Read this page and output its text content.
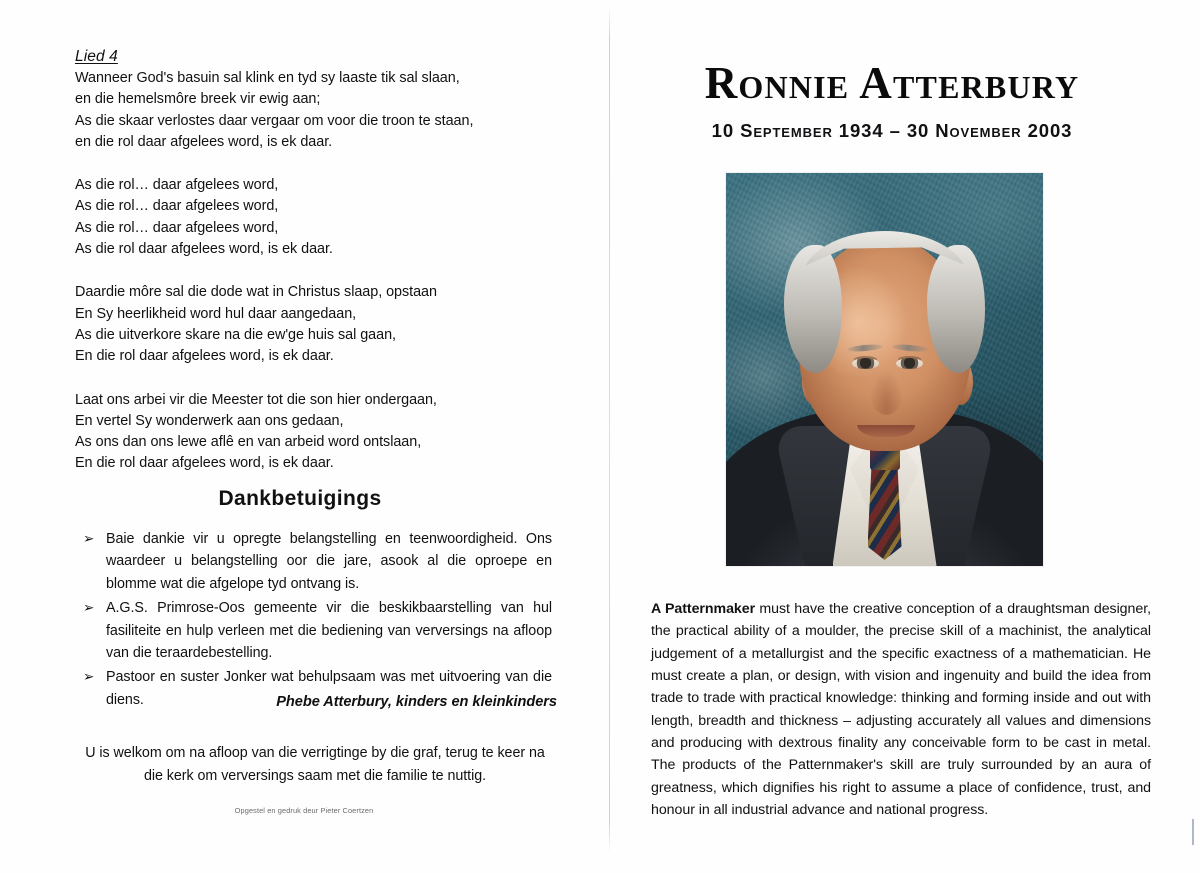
Lied 4
Wanneer God's basuin sal klink en tyd sy laaste tik sal slaan,
en die hemelsmôre breek vir ewig aan;
As die skaar verlostes daar vergaar om voor die troon te staan,
en die rol daar afgelees word, is ek daar.
As die rol… daar afgelees word,
As die rol… daar afgelees word,
As die rol… daar afgelees word,
As die rol daar afgelees word, is ek daar.
Daardie môre sal die dode wat in Christus slaap, opstaan
En Sy heerlikheid word hul daar aangedaan,
As die uitverkore skare na die ew'ge huis sal gaan,
En die rol daar afgelees word, is ek daar.
Laat ons arbei vir die Meester tot die son hier ondergaan,
En vertel Sy wonderwerk aan ons gedaan,
As ons dan ons lewe aflê en van arbeid word ontslaan,
En die rol daar afgelees word, is ek daar.
Dankbetuigings
➢ Baie dankie vir u opregte belangstelling en teenwoordigheid. Ons waardeer u belangstelling oor die jare, asook al die oproepe en blomme wat die afgelope tyd ontvang is.
➢ A.G.S. Primrose-Oos gemeente vir die beskikbaarstelling van hul fasiliteite en hulp verleen met die bediening van verversings na afloop van die teraardebestelling.
➢ Pastoor en suster Jonker wat behulpsaam was met uitvoering van die diens.	Phebe Atterbury, kinders en kleinkinders
U is welkom om na afloop van die verrigtinge by die graf, terug te keer na die kerk om verversings saam met die familie te nuttig.
Opgestel en gedruk deur Pieter Coertzen
Ronnie Atterbury
10 September 1934 – 30 November 2003

A Patternmaker must have the creative conception of a draughtsman designer, the practical ability of a moulder, the precise skill of a machinist, the analytical judgement of a metallurgist and the specific exactness of a mathematician. He must create a plan, or design, with vision and ingenuity and build the idea from trade to trade with practical knowledge: thinking and forming inside and out with length, breadth and thickness – adjusting accurately all values and dimensions and producing with dextrous finality any conceivable form to be cast in metal. The products of the Patternmaker's skill are truly surrounded by an aura of greatness, which dignifies his right to assume a place of confidence, trust, and honour in all industrial advance and national progress.
